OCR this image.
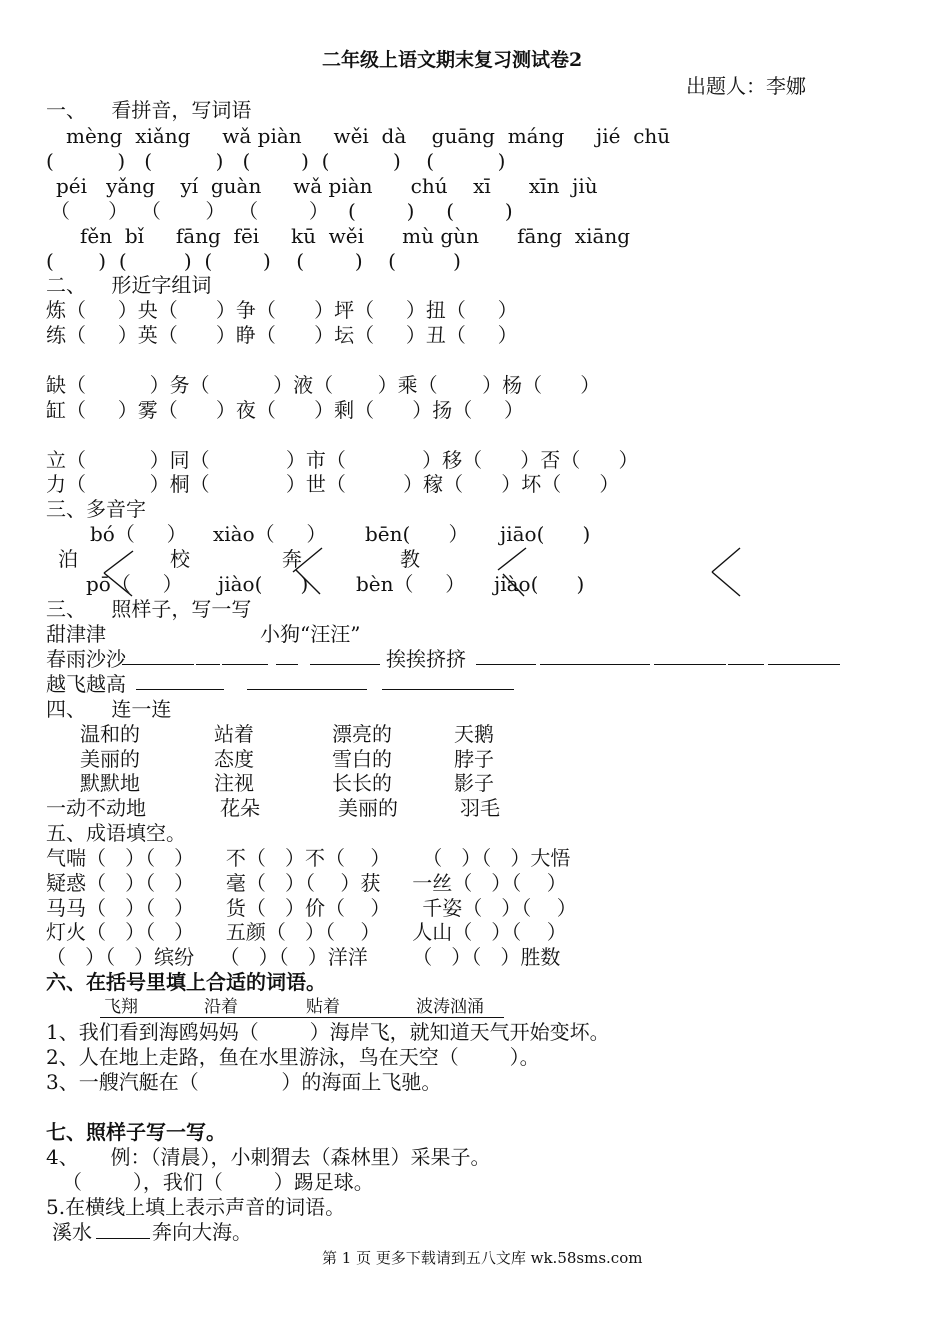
二年级上语文期末复习测试卷2
出题人：李娜
一、    看拼音，写词语
mèng  xiǎng     wǎ piàn     wěi  dà    guāng  máng     jié  chū
(          )   (          )   (        )  (          )    (          )
péi   yǎng    yí  guàn     wǎ piàn      chú    xī      xīn  jiù
（      ）  （       ）  （        ）   (        )     (        )
fěn  bǐ     fāng  fēi     kū  wěi      mù gùn      fāng  xiāng
(       )  (         )  (        )    (        )    (         )
二、    形近字组词
炼（     ）央（      ）争（      ）坪（     ）扭（     ）
练（     ）英（      ）睁（      ）坛（     ）丑（     ）
缺（          ）务（          ）液（       ）乘（       ）杨（      ）
缸（     ）雾（      ）夜（      ）剩（      ）扬（     ）
立（          ）同（            ）市（            ）移（      ）否（      ）
力（          ）桐（            ）世（         ）稼（      ）坏（      ）
三、多音字
bó（     ） xiào（     ） bēn(      ） jiāo(      )
泊	校	奔	教
pō（     ） jiào(      ) bèn（     ） jiào(      )
三、    照样子，写一写
甜津津	小狗“汪汪”
春雨沙沙	挨挨挤挤
越飞越高
四、    连一连
温和的	站着	漂亮的	天鹅
美丽的	态度	雪白的	脖子
默默地	注视	长长的	影子
一动不动地	花朵	美丽的	羽毛
五、成语填空。
气喘（   ）（   ）     不（   ）不（    ）     （   ）（   ）大悟
疑惑（   ）（   ）     毫（   ）（    ）获     一丝（   ）（    ）
马马（   ）（   ）     货（   ）价（    ）     千姿（   ）（    ）
灯火（   ）（   ）     五颜（   ）（    ）     人山（   ）（    ）
（   ）（   ）缤纷    （   ）（   ）洋洋       （   ）（   ）胜数
六、在括号里填上合适的词语。
飞翔	沿着	贴着	波涛汹涌
1、我们看到海鸥妈妈（        ）海岸飞，就知道天气开始变坏。
2、人在地上走路，鱼在水里游泳，鸟在天空（        ）。
3、一艘汽艇在（             ）的海面上飞驰。
七、照样子写一写。
4、     例：（清晨），小刺猬去（森林里）采果子。
（        ），我们（        ）踢足球。
5.在横线上填上表示声音的词语。
溪水	奔向大海。
第 1 页 更多下载请到五八文库 wk.58sms.com
